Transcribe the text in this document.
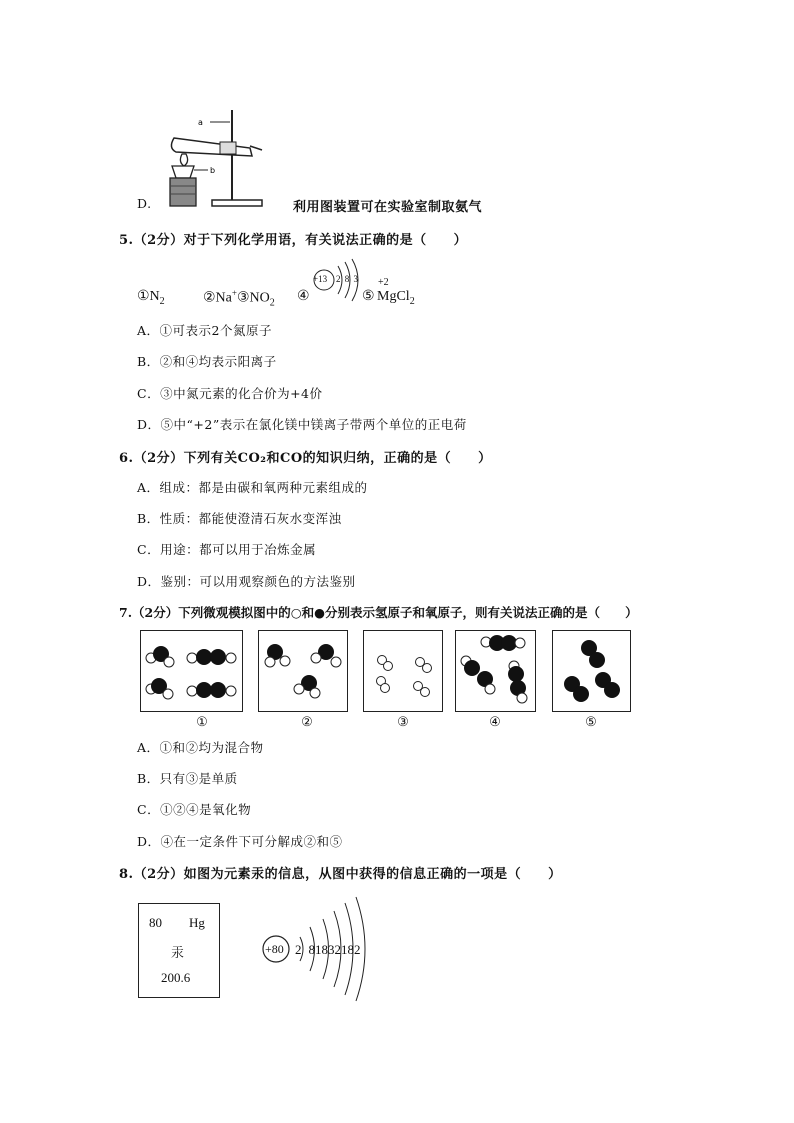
a
b
D.	利用图装置可在实验室制取氨气
5.（2分）对于下列化学用语，有关说法正确的是（　　）
$①N_2$	$②Na^+③NO_2$ ④
+13 2 8 3
⑤
+2
MgCl$_2$
A．①可表示2个氮原子
B．②和④均表示阳离子
C．③中氮元素的化合价为+4价
D．⑤中“+2”表示在氯化镁中镁离子带两个单位的正电荷
6.（2分）下列有关CO₂和CO的知识归纳，正确的是（　　）
A．组成：都是由碳和氧两种元素组成的
B．性质：都能使澄清石灰水变浑浊
C．用途：都可以用于冶炼金属
D．鉴别：可以用观察颜色的方法鉴别
7.（2分）下列微观模拟图中的○和●分别表示氢原子和氧原子，则有关说法正确的是（　　）
①	②	③	④	⑤
A．①和②均为混合物
B．只有③是单质
C．①②④是氧化物
D．④在一定条件下可分解成②和⑤
8.（2分）如图为元素汞的信息，从图中获得的信息正确的一项是（　　）
80 Hg
汞
200.6
+80 2 81832182
